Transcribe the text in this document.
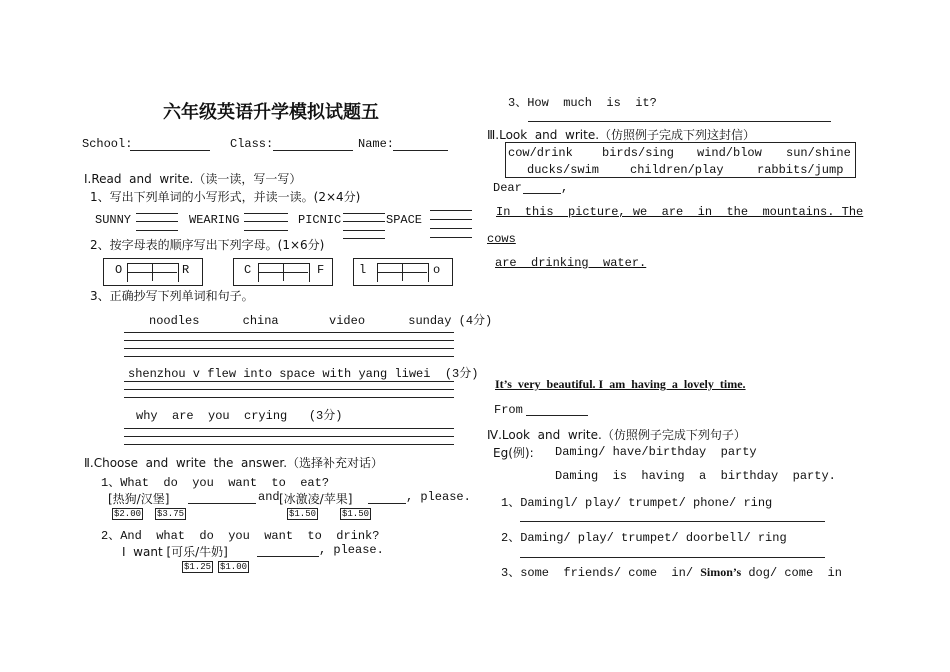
六年级英语升学模拟试题五
School:	Class:	Name:
Ⅰ.Read  and  write.（读一读，写一写）
1、写出下列单词的小写形式，并读一读。(2×4分)
SUNNY	WEARING	PICNIC	SPACE
2、按字母表的顺序写出下列字母。(1×6分)
O	R	C	F	l	o
3、正确抄写下列单词和句子。
noodles      china       video      sunday (4分)
shenzhou v flew into space with yang liwei  (3分)
why  are  you  crying   (3分)
Ⅱ.Choose  and  write  the  answer.（选择补充对话）
1、What  do  you  want  to  eat?
[热狗/汉堡]	and [冰激凌/苹果]	, please.
$2.00 $3.75	$1.50	$1.50
2、And  what  do  you  want  to  drink?
I  want [可乐/牛奶]	, please.
$1.25 $1.00
3、How  much  is  it?
Ⅲ.Look  and  write.（仿照例子完成下列这封信）
cow/drink birds/sing wind/blow sun/shine
ducks/swim	children/play	rabbits/jump
Dear	,
In  this  picture, we  are  in  the  mountains. The
cows
are  drinking  water.
It’s  very  beautiful. I  am  having  a  lovely  time.
From
Ⅳ.Look  and  write.（仿照例子完成下列句子）
Eg(例): Daming/ have/birthday  party
Daming  is  having  a  birthday  party.
1、Damingl/ play/ trumpet/ phone/ ring
2、Daming/ play/ trumpet/ doorbell/ ring
3、some  friends/ come  in/ Simon’s dog/ come  in
